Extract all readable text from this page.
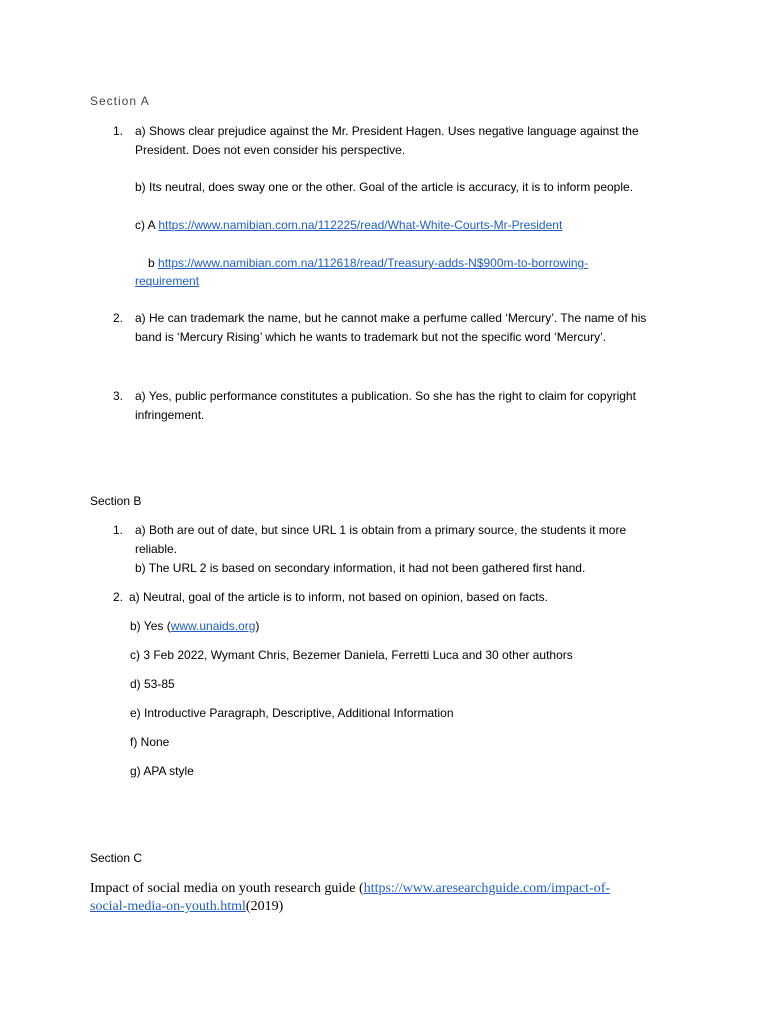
Section A
1. a) Shows clear prejudice against the Mr. President Hagen. Uses negative language against the
President. Does not even consider his perspective.
b) Its neutral, does sway one or the other. Goal of the article is accuracy, it is to inform people.
c) A https://www.namibian.com.na/112225/read/What-White-Courts-Mr-President
b https://www.namibian.com.na/112618/read/Treasury-adds-N$900m-to-borrowing-
requirement
2. a) He can trademark the name, but he cannot make a perfume called ‘Mercury’. The name of his
band is ‘Mercury Rising’ which he wants to trademark but not the specific word ‘Mercury’.
3. a) Yes, public performance constitutes a publication. So she has the right to claim for copyright
infringement.
Section B
1. a) Both are out of date, but since URL 1 is obtain from a primary source, the students it more
reliable.
b) The URL 2 is based on secondary information, it had not been gathered first hand.
2. a) Neutral, goal of the article is to inform, not based on opinion, based on facts.
b) Yes (www.unaids.org)
c) 3 Feb 2022, Wymant Chris, Bezemer Daniela, Ferretti Luca and 30 other authors
d) 53-85
e) Introductive Paragraph, Descriptive, Additional Information
f) None
g) APA style
Section C
Impact of social media on youth research guide (https://www.aresearchguide.com/impact-of-
social-media-on-youth.html(2019)
